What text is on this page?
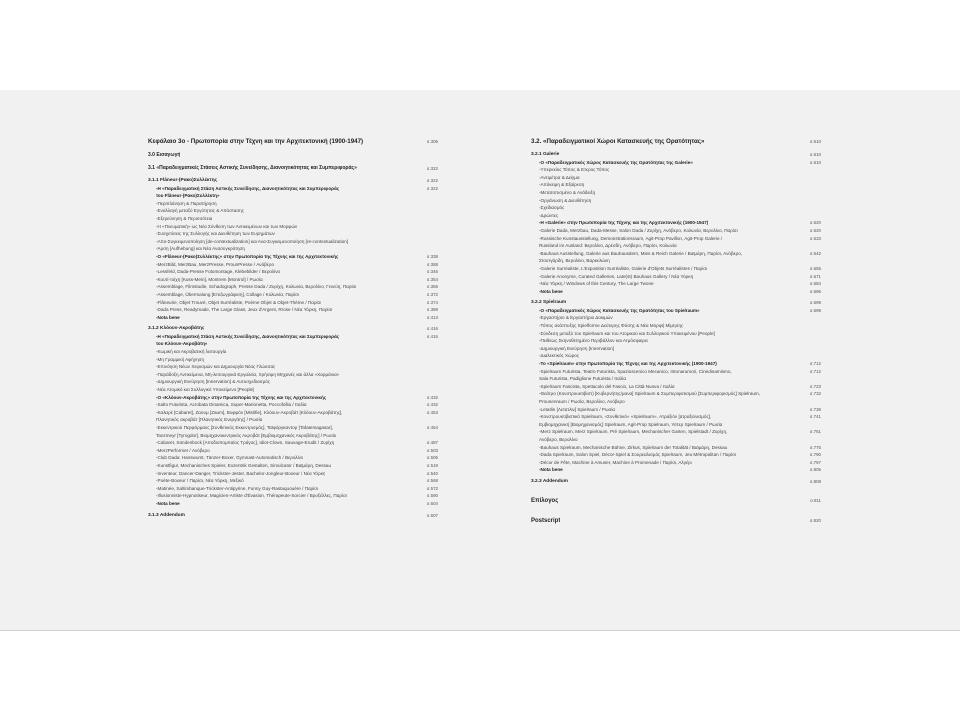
Κεφάλαιο 3ο - Πρωτοπορία στην Τέχνη και την Αρχιτεκτονική (1900-1947)	σ.305
3.0 Εισαγωγή
3.1 «Παραδειγματικές Στάσεις Αστικής Συνείδησης, Διανοητικότητας και Συμπεριφοράς»	σ.322
3.1.1 Flâneur-(Ρακο)Συλλέκτης	σ.322
-Η «Παραδειγματική Στάση Αστικής Συνείδησης, Διανοητικότητας και Συμπεριφοράς	σ.322
του Flâneur-(Ρακο)Συλλέκτη»
-Περιπλάνηση & Παρατήρηση
-Εναλλαγή μεταξύ Εγγύτητας & Απόστασης
-Εξερεύνηση & Περισσότεια
-Η «Πνευματική» ως Νέα Σύνθεση των Αντικειμένων και των Μορφών
-Συσχετίσεις της Συλλογής και Διευθέτηση των Ευρημάτων
-Απο-Συγκειμενοποίηση [de-contextualization] και Ανα-Συγκειμενοποίηση [re-contextualization]
-Άρση [Aufhebung] και Νέα Ανασυγκρότηση
-Ο «Flâneur-(Ρακο)Συλλέκτης» στην Πρωτοπορία της Τέχνης και της Αρχιτεκτονικής	σ.338
-MerzBild, MerzBau, MerzPresse, ProunPresse / Ανόβερο	σ.388
-Lessfeld, Dada-Presse Fotomontage, Klebebilder / Βερολίνο	σ.346
-Κουτί-τοίχη [Kuss-Mein], Montrem [Montrol] / Ρωσία	σ.354
-Assemblage, Filmstudie, Schadograph, Presse Dada / Ζυρίχη, Κολωνία, Βερολίνο, Γενεύη, Παρίσι	σ.366
-Assemblage, Übermalung [Επιζωγράφιση], Collage / Κολωνία, Παρίσι	σ.372
-Flâneurie, Objet Trouvé, Objet Surréaliste, Poème Objet & Objet-Thème / Παρίσι	σ.374
-Dada Press, Readymade, The Large Glass, Jeux d'Argent, Rrose / Νέα Υόρκη, Παρίσι	σ.389
-Nota bene	σ.413
3.1.2 Κλόουν-Ακροβάτης	σ.416
-Η «Παραδειγματική Στάση Αστικής Συνείδησης, Διανοητικότητας και Συμπεριφοράς	σ.416
του Κλόουν-Ακροβάτη»
-Κωμική και Ακροβατική λειτουργία
-Μη Γραμμική Αφήγηση
-Επινόηση Νέων Χειρισμών και Δημιουργία Νέας Γλώσσας
-Παράδοξη Αντικείμενα, Μη-λειτουργικά Εργαλεία, Χρήσιμη Μηχανές και άλλα «Χαρμάνια»
-Δημιουργική Ενεύρηση [Innervation] & Αυτοσχεδιασμός
-Νέα Ατομικό και Συλλογικό Υποκείμενο [People]
-Ο «Κλόουν-Ακροβάτης» στην Πρωτοπορία της Τέχνης και της Αρχιτεκτονικής	σ.432
-Salto Futurista, Acrobata Dinamica, Super-Marionetta, Poccofollia / Ιταλία	σ.432
-Καλαρέ [Cabaret], Ζαουμ [Zaum], Βυφφόν [Mistifie], Κλόουν-Ακροβάτ [Κλόουν-Ακροβάτης],	σ.453
Πλανητικός ακροβάτ [Πλανητικός Ενεργίτης] / Ρωσία
-Εκκεντρικού Περφόρμανς [Συνθετικός Εκκεντρισμός], Ταϊφόργκαντορ [Tafatemagasar],	σ.464
Tanzmeyr [Tyrogdor], Βιομηχανοκεντρικός Ακροβάτ [Εμβιομηχανικός Ακροβάτης] / Ρωσία
-Cabaret, Sündenbock [Αποδιοπομπαίος Τράγος], Idiot-Clown, Sauvage-Erudit / Ζυρίχη	σ.487
-MerzPerformer / Ανόβερο	σ.503
-Club Dada: Hanswurst, Tänzer-Boxer, Gymnast-Automatisch / Βερολίνο	σ.506
-Kunstfigur, Mechanisches Spieler, Exzentrik Gestalten, Simulcator / Βαϊμάρη, Dessau	σ.519
-Inventeur, Dancer-Danger, Trickster-Jester, Bachelor-Jongleur-Boxeur / Νέα Υόρκη	σ.540
-Poète-Boxeur / Παρίσι, Νέα Υόρκη, Μεξικό	σ.568
-Matinée, Saltimbanque-Trickster-Antipyrine, Funny Guy-Rastaquouère / Παρίσι	σ.572
-Illusionniste-Hypnotiseur, Magicien-Artiste d'Évasion, Thérapeute-Sorcier / Βρυξέλλες, Παρίσι	σ.590
-Nota bene	σ.604
3.1.3 Addendum	σ.607
3.2. «Παραδειγματικοί Χώροι Κατασκευής της Ορατότητας»	σ.610
3.2.1 Galerie	σ.610
-Ο «Παραδειγματικός Χώρος Κατασκευής της Ορατότητας της Galerie»	σ.610
-Υπερκείος Τόπος & Ετερος Τόπος
-Αντιμέτρα & Δείγμα
-Απόκειμη & Εξαίρεση
-Μετατοπισμένο & Ανάδειξη
-Οργάνωση & Διευθέτηση
-Σχεδιασμός
-Δρώντες
-Η «Galerie» στην Πρωτοπορία της Τέχνης και της Αρχιτεκτονικής (1900-1947)	σ.620
-Galerie Dada, Merzbau, Dada-Messe, Salon Dada / Ζυρίχη, Ανόβερο, Κολωνία, Βερολίνο, Παρίσι	σ.620
-Russische Kunstausstellung, Demonstrationsraum, Agit-Prop Pavillon, Agit-Prop Galerie /	σ.633
Russland im Ausland: Βερολίνο, Δρέσδη, Ανόβερο, Παρίσι, Κολωνία
-Bauhaus Ausstellung, Galerie aus Bauhausdern, Mies & Reich Galerie / Βαϊμάρη, Παρίσι, Ανόβερο,	σ.642
Στουτγάρδη, Βερολίνο, Βαρκελώνη
-Galerie Surréaliste, L'Exposition Surréaliste, Galerie d'Objets Surréalistes / Παρίσι	σ.655
-Galerie Anonyme, Curated Galleries, Late(st) Bauhaus Gallery / Νέα Υόρκη	σ.671
-Νέα Υόρκη / Windows of this Century, The Large Twone	σ.684
-Nota bene	σ.696
3.2.2 Spielraum	σ.699
-Ο «Παραδειγματικός Χώρος Κατασκευής της Ορατότητας του Spielraum»	σ.699
-Εργαστήριο & Εργαστήριο Δοκιμών
-Τόπος ανάπτυξης Spielforme Δεύτερης Φύσης & Νέα Μορφή Μίμησης
-Σύνδεση μεταξύ του Spielraum και του Ατομικού και Συλλογικού Υποκειμένου [People]
-Πειθεως Σκηνοθετημένο Περιβάλλον και Ατμόσφαιρα
-Δημιουργική Ενεύρηση [Innervation]
-Διαλεκτικός Χώρος
-Το «Spielraum» στην Πρωτοπορία της Τέχνης και της Αρχιτεκτονικής (1900-1947)	σ.712
-Spielraum Futurista, Teatro Futurista, Spazioscenico Mecanico, Intonarumori, Cinedinamismo,	σ.712
Sala Futurista, Padiglione Futurista / Ιταλία
-Spielraum Fascista, Spettacolo del Fascio, La Città Nuova / Ιταλία	σ.723
-Θεάτρο (Κονστρουκτιβιστ) [Κυβερνήτης/μανα] Spielraum & Συμπεριφοτισμού [Συμπεριφορισμός] Spielraum,	σ.732
Prounenraum / Ρωσία, Βερολίνο, Ανόβερο
-Letatlin [Λετατλιν] Spielraum / Ρωσία	σ.739
-Κονστρουκτιβιστικό Spielraum, «Συνθετικό» «Spielraum», Ατραξιόν [ατραξιονισμός],	σ.741
Εμβιομηχανική [Βιομηχανισμός] Spielraum, Agit-Prop Spielraum, Υστερ Spielraum / Ρωσία
-Merz Spielraum, Merz Spielraum, Pré Spielraum, Mechanischer Garten, Spielstadt / Ζυρίχη,	σ.761
Ανόβερο, Βερολίνο
-Bauhaus Spielraum, Mechanische Bühne, Zirkus, Spielraum der Totalität / Βαϊμάρη, Dessau	σ.775
-Dada Spielraum, Salon Spiel, Décor-Spiel & Σουρεαλισμός Spielraum, Jeu Métropolitan / Παρίσι	σ.790
-Décor de Fête, Machine à Amuser, Machine à Promenade / Παρίσι, Αλγέρι	σ.797
-Nota bene	σ.805
3.2.3 Addendum	σ.808
Επίλογος	σ.811
Postscript	σ.820
